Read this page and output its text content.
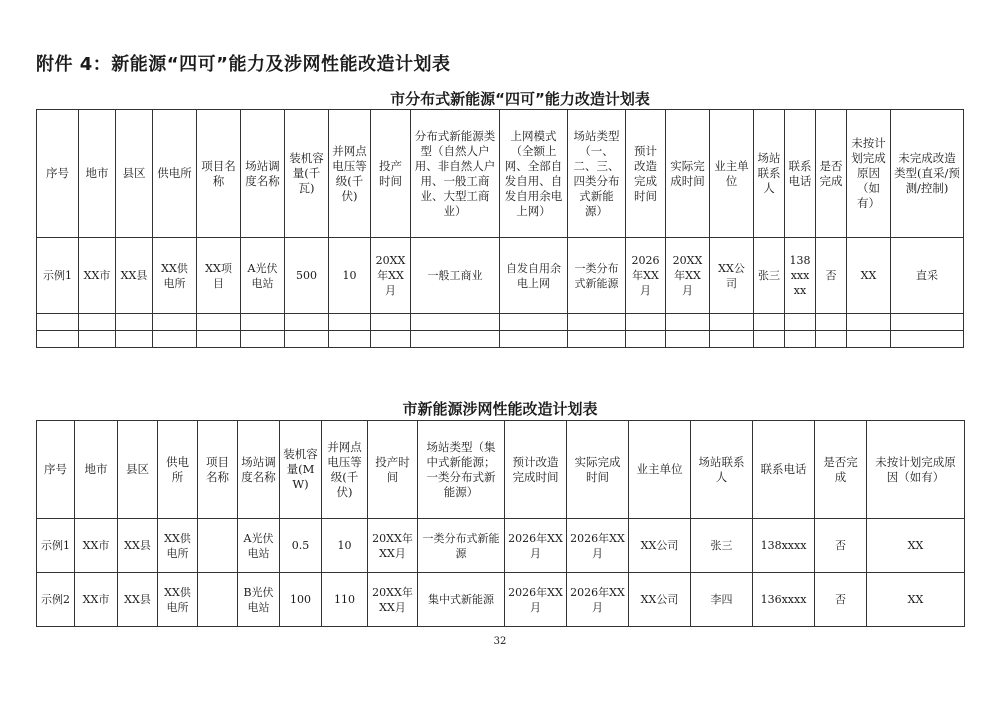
附件 4：新能源“四可”能力及涉网性能改造计划表
市分布式新能源“四可”能力改造计划表
序号	地市	县区	供电所	项目名称	场站调度名称	装机容量(千瓦)	并网点电压等级(千伏)	投产时间	分布式新能源类型（自然人户用、非自然人户用、一般工商业、大型工商业）	上网模式（全额上网、全部自发自用、自发自用余电上网）	场站类型（一、二、三、四类分布式新能源）	预计改造完成时间	实际完成时间	业主单位	场站联系人	联系电话	是否完成	未按计划完成原因（如有）	未完成改造类型(直采/预测/控制)
示例1	XX市	XX县	XX供电所	XX项目	A光伏电站	500	10	20XX年XX月	一般工商业	自发自用余电上网	一类分布式新能源	2026年XX月	20XX年XX月	XX公司	张三	138xxxxx	否	XX	直采

市新能源涉网性能改造计划表
序号	地市	县区	供电所	项目名称	场站调度名称	装机容量(MW)	并网点电压等级(千伏)	投产时间	场站类型（集中式新能源；一类分布式新能源）	预计改造完成时间	实际完成时间	业主单位	场站联系人	联系电话	是否完成	未按计划完成原因（如有）
示例1	XX市	XX县	XX供电所		A光伏电站	0.5	10	20XX年XX月	一类分布式新能源	2026年XX月	2026年XX月	XX公司	张三	138xxxx	否	XX
示例2	XX市	XX县	XX供电所		B光伏电站	100	110	20XX年XX月	集中式新能源	2026年XX月	2026年XX月	XX公司	李四	136xxxx	否	XX
32
